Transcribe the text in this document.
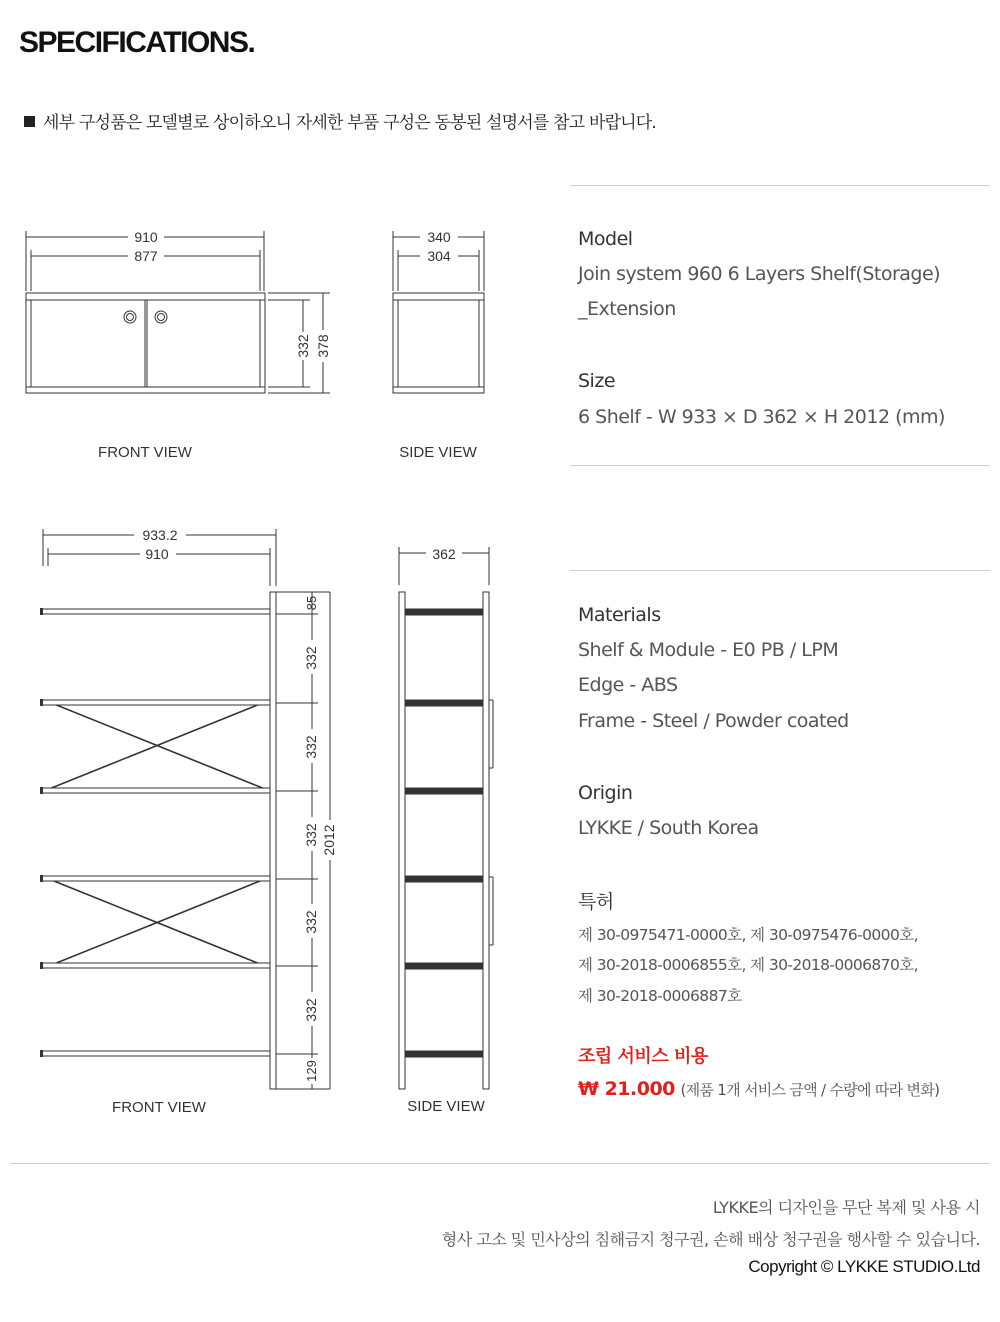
SPECIFICATIONS.
세부 구성품은 모델별로 상이하오니 자세한 부품 구성은 동봉된 설명서를 참고 바랍니다.
910
877
332 378
FRONT VIEW
340
304
SIDE VIEW
933.2
910
85
332
332
332
332
332
129
2012
FRONT VIEW
362
SIDE VIEW
Model
Join system 960 6 Layers Shelf(Storage)
_Extension
Size
6 Shelf - W 933 × D 362 × H 2012 (mm)
Materials
Shelf & Module - E0 PB / LPM
Edge - ABS
Frame - Steel / Powder coated
Origin
LYKKE / South Korea
특허
제 30-0975471-0000호, 제 30-0975476-0000호,
제 30-2018-0006855호, 제 30-2018-0006870호,
제 30-2018-0006887호
조립 서비스 비용
₩ 21.000 (제품 1개 서비스 금액 / 수량에 따라 변화)
LYKKE의 디자인을 무단 복제 및 사용 시
형사 고소 및 민사상의 침해금지 청구권, 손해 배상 청구권을 행사할 수 있습니다.
Copyright © LYKKE STUDIO.Ltd
